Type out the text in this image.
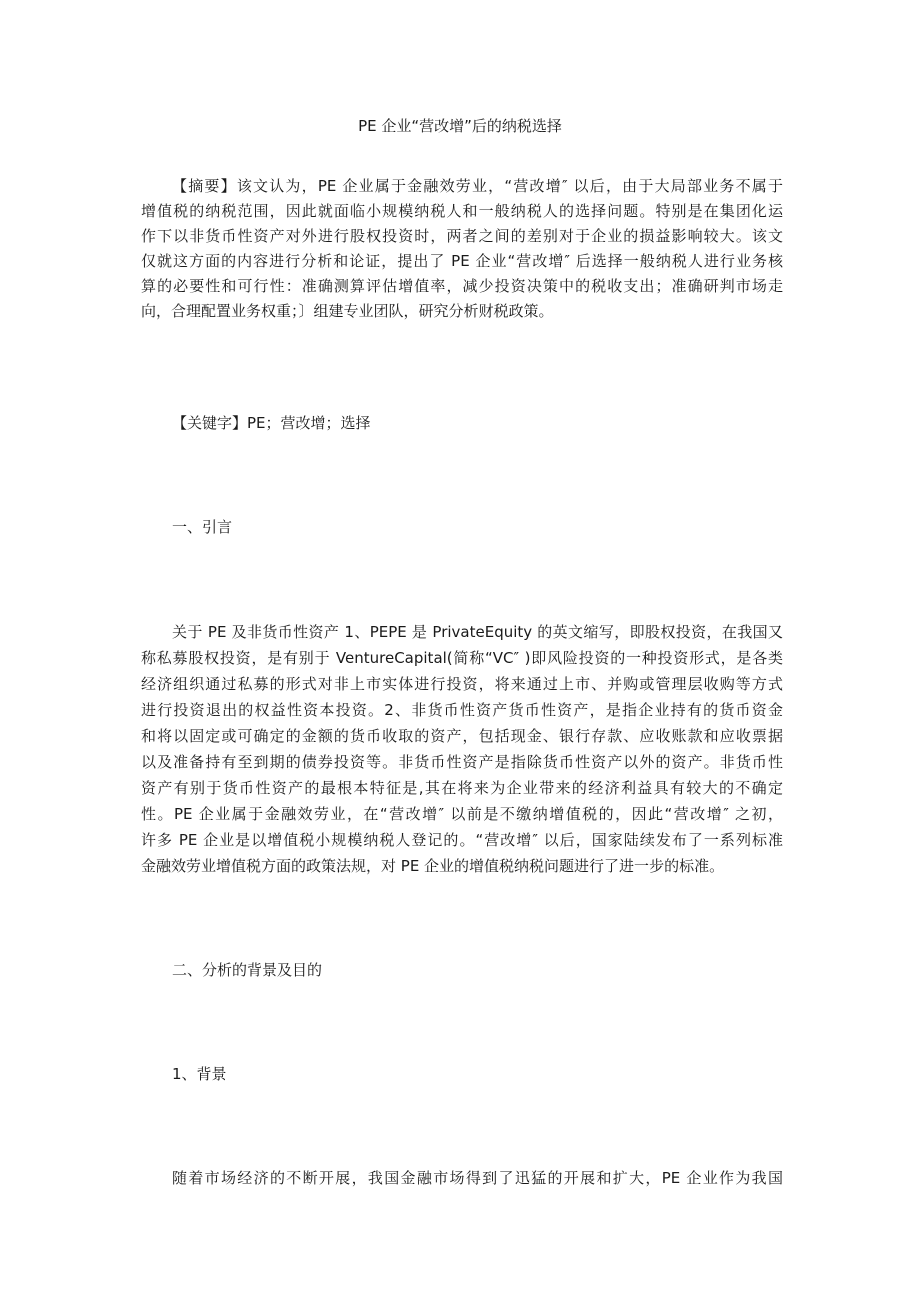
PE 企业“营改增”后的纳税选择
【摘要】该文认为，PE 企业属于金融效劳业，“营改增″ 以后，由于大局部业务不属于
增值税的纳税范围，因此就面临小规模纳税人和一般纳税人的选择问题。特别是在集团化运
作下以非货币性资产对外进行股权投资时，两者之间的差别对于企业的损益影响较大。该文
仅就这方面的内容进行分析和论证，提出了 PE 企业“营改增″ 后选择一般纳税人进行业务核
算的必要性和可行性：准确测算评估增值率，减少投资决策中的税收支出；准确研判市场走
向，合理配置业务权重；〕组建专业团队，研究分析财税政策。
【关键字】PE；营改增；选择
一、引言
关于 PE 及非货币性资产 1、PEPE 是 PrivateEquity 的英文缩写，即股权投资，在我国又
称私募股权投资，是有别于 VentureCapital(简称“VC″ )即风险投资的一种投资形式，是各类
经济组织通过私募的形式对非上市实体进行投资，将来通过上市、并购或管理层收购等方式
进行投资退出的权益性资本投资。2、非货币性资产货币性资产，是指企业持有的货币资金
和将以固定或可确定的金额的货币收取的资产，包括现金、银行存款、应收账款和应收票据
以及准备持有至到期的债券投资等。非货币性资产是指除货币性资产以外的资产。非货币性
资产有别于货币性资产的最根本特征是,其在将来为企业带来的经济利益具有较大的不确定
性。PE 企业属于金融效劳业，在“营改增″ 以前是不缴纳增值税的，因此“营改增″ 之初，
许多 PE 企业是以增值税小规模纳税人登记的。“营改增″ 以后，国家陆续发布了一系列标准
金融效劳业增值税方面的政策法规，对 PE 企业的增值税纳税问题进行了进一步的标准。
二、分析的背景及目的
1、背景
随着市场经济的不断开展，我国金融市场得到了迅猛的开展和扩大，PE 企业作为我国
